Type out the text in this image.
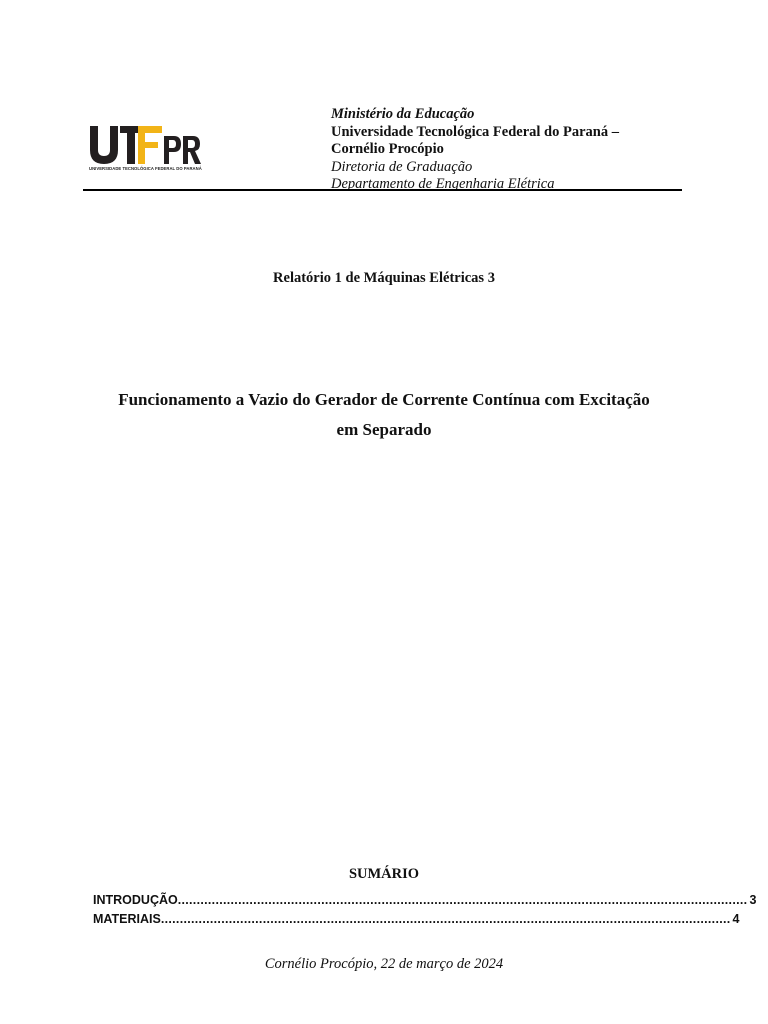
UNIVERSIDADE TECNOLÓGICA FEDERAL DO PARANÁ
Ministério da Educação
Universidade Tecnológica Federal do Paraná –
Cornélio Procópio
Diretoria de Graduação
Departamento de Engenharia Elétrica
Relatório 1 de Máquinas Elétricas 3
Funcionamento a Vazio do Gerador de Corrente Contínua com Excitação
em Separado
SUMÁRIO
INTRODUÇÃO ....................................................................................................................................................... 3
MATERIAIS ....................................................................................................................................................... 4
Cornélio Procópio, 22 de março de 2024
